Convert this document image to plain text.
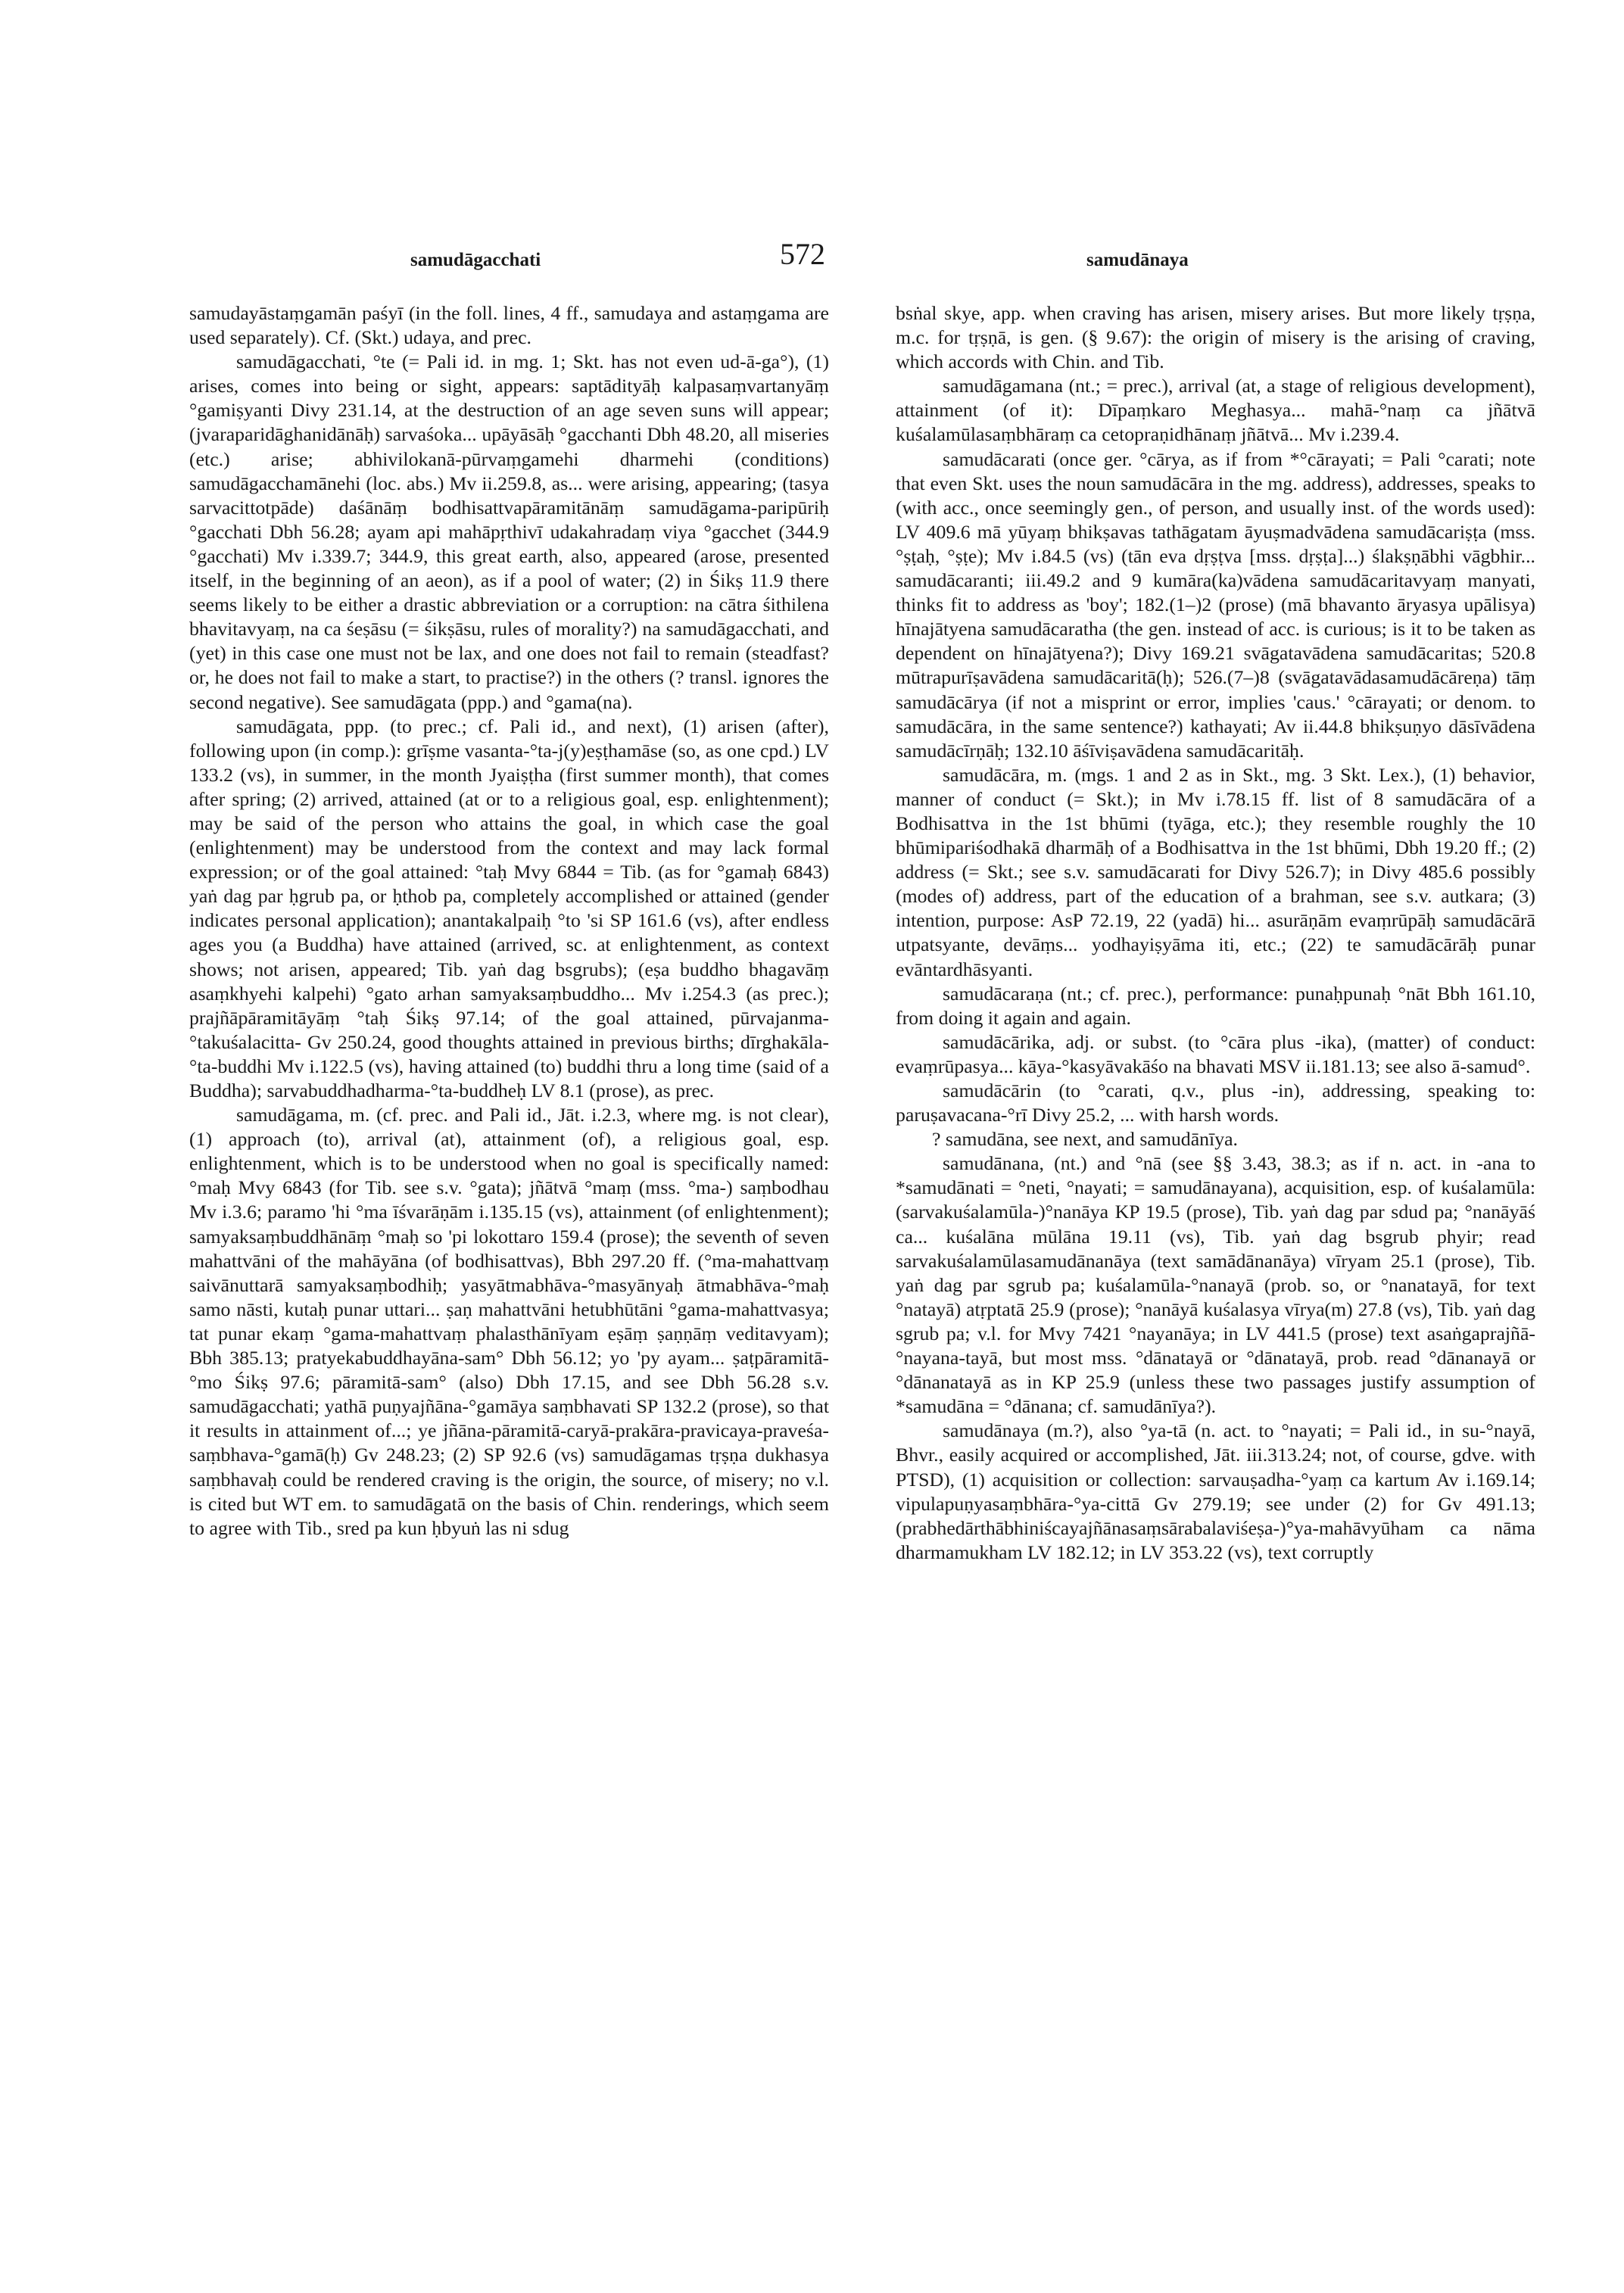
samudāgacchati	572	samudānaya

samudayāstaṃgamān paśyī (in the foll. lines, 4 ff., samudaya and astaṃgama are used separately). Cf. (Skt.) udaya, and prec.

samudāgacchati, °te (= Pali id. in mg. 1; Skt. has not even ud-ā-ga°), (1) arises, comes into being or sight, appears: saptādityāḥ kalpasaṃvartanyāṃ °gamiṣyanti Divy 231.14, at the destruction of an age seven suns will appear; (jvaraparidāghanidānāḥ) sarvaśoka... upāyāsāḥ °gacchanti Dbh 48.20, all miseries (etc.) arise; abhivilokanā-pūrvaṃgamehi dharmehi (conditions) samudāgacchamānehi (loc. abs.) Mv ii.259.8, as... were arising, appearing; (tasya sarvacittotpāde) daśānāṃ bodhisattvapāramitānāṃ samudāgama-paripūriḥ °gacchati Dbh 56.28; ayam api mahāpṛthivī udakahradaṃ viya °gacchet (344.9 °gacchati) Mv i.339.7; 344.9, this great earth, also, appeared (arose, presented itself, in the beginning of an aeon), as if a pool of water; (2) in Śikṣ 11.9 there seems likely to be either a drastic abbreviation or a corruption: na cātra śithilena bhavitavyaṃ, na ca śeṣāsu (= śikṣāsu, rules of morality?) na samudāgacchati, and (yet) in this case one must not be lax, and one does not fail to remain (steadfast? or, he does not fail to make a start, to practise?) in the others (? transl. ignores the second negative). See samudāgata (ppp.) and °gama(na).

samudāgata, ppp. (to prec.; cf. Pali id., and next), (1) arisen (after), following upon (in comp.): grīṣme vasanta-°ta-j(y)eṣṭhamāse (so, as one cpd.) LV 133.2 (vs), in summer, in the month Jyaiṣṭha (first summer month), that comes after spring; (2) arrived, attained (at or to a religious goal, esp. enlightenment); may be said of the person who attains the goal, in which case the goal (enlightenment) may be understood from the context and may lack formal expression; or of the goal attained: °taḥ Mvy 6844 = Tib. (as for °gamaḥ 6843) yaṅ dag par ḥgrub pa, or ḥthob pa, completely accomplished or attained (gender indicates personal application); anantakalpaiḥ °to 'si SP 161.6 (vs), after endless ages you (a Buddha) have attained (arrived, sc. at enlightenment, as context shows; not arisen, appeared; Tib. yaṅ dag bsgrubs); (eṣa buddho bhagavāṃ asaṃkhyehi kalpehi) °gato arhan samyaksaṃbuddho... Mv i.254.3 (as prec.); prajñāpāramitāyāṃ °taḥ Śikṣ 97.14; of the goal attained, pūrvajanma-°takuśalacitta- Gv 250.24, good thoughts attained in previous births; dīrghakāla-°ta-buddhi Mv i.122.5 (vs), having attained (to) buddhi thru a long time (said of a Buddha); sarvabuddhadharma-°ta-buddheḥ LV 8.1 (prose), as prec.

samudāgama, m. (cf. prec. and Pali id., Jāt. i.2.3, where mg. is not clear), (1) approach (to), arrival (at), attainment (of), a religious goal, esp. enlightenment, which is to be understood when no goal is specifically named: °maḥ Mvy 6843 (for Tib. see s.v. °gata); jñātvā °maṃ (mss. °ma-) saṃbodhau Mv i.3.6; paramo 'hi °ma īśvarāṇām i.135.15 (vs), attainment (of enlightenment); samyaksaṃbuddhānāṃ °maḥ so 'pi lokottaro 159.4 (prose); the seventh of seven mahattvāni of the mahāyāna (of bodhisattvas), Bbh 297.20 ff. (°ma-mahattvaṃ saivānuttarā samyaksaṃbodhiḥ; yasyātmabhāva-°masyānyaḥ ātmabhāva-°maḥ samo nāsti, kutaḥ punar uttari... ṣaṇ mahattvāni hetubhūtāni °gama-mahattvasya; tat punar ekaṃ °gama-mahattvaṃ phalasthānīyam eṣāṃ ṣaṇṇāṃ veditavyam); Bbh 385.13; pratyekabuddhayāna-sam° Dbh 56.12; yo 'py ayam... ṣaṭpāramitā-°mo Śikṣ 97.6; pāramitā-sam° (also) Dbh 17.15, and see Dbh 56.28 s.v. samudāgacchati; yathā puṇyajñāna-°gamāya saṃbhavati SP 132.2 (prose), so that it results in attainment of...; ye jñāna-pāramitā-caryā-prakāra-pravicaya-praveśa-saṃbhava-°gamā(ḥ) Gv 248.23; (2) SP 92.6 (vs) samudāgamas tṛṣṇa dukhasya saṃbhavaḥ could be rendered craving is the origin, the source, of misery; no v.l. is cited but WT em. to samudāgatā on the basis of Chin. renderings, which seem to agree with Tib., sred pa kun ḥbyuṅ las ni sdug

bsṅal skye, app. when craving has arisen, misery arises. But more likely tṛṣṇa, m.c. for tṛṣṇā, is gen. (§ 9.67): the origin of misery is the arising of craving, which accords with Chin. and Tib.

samudāgamana (nt.; = prec.), arrival (at, a stage of religious development), attainment (of it): Dīpaṃkaro Meghasya... mahā-°naṃ ca jñātvā kuśalamūlasaṃbhāraṃ ca cetopraṇidhānaṃ jñātvā... Mv i.239.4.

samudācarati (once ger. °cārya, as if from *°cārayati; = Pali °carati; note that even Skt. uses the noun samudācāra in the mg. address), addresses, speaks to (with acc., once seemingly gen., of person, and usually inst. of the words used): LV 409.6 mā yūyaṃ bhikṣavas tathāgatam āyuṣmadvādena samudācariṣṭa (mss. °ṣṭaḥ, °ṣṭe); Mv i.84.5 (vs) (tān eva dṛṣṭva [mss. dṛṣṭa]...) ślakṣṇābhi vāgbhir... samudācaranti; iii.49.2 and 9 kumāra(ka)vādena samudācaritavyaṃ manyati, thinks fit to address as 'boy'; 182.(1–)2 (prose) (mā bhavanto āryasya upālisya) hīnajātyena samudācaratha (the gen. instead of acc. is curious; is it to be taken as dependent on hīnajātyena?); Divy 169.21 svāgatavādena samudācaritas; 520.8 mūtrapurīṣavādena samudācaritā(ḥ); 526.(7–)8 (svāgatavādasamudācāreṇa) tāṃ samudācārya (if not a misprint or error, implies 'caus.' °cārayati; or denom. to samudācāra, in the same sentence?) kathayati; Av ii.44.8 bhikṣuṇyo dāsīvādena samudācīrṇāḥ; 132.10 āśīviṣavādena samudācaritāḥ.

samudācāra, m. (mgs. 1 and 2 as in Skt., mg. 3 Skt. Lex.), (1) behavior, manner of conduct (= Skt.); in Mv i.78.15 ff. list of 8 samudācāra of a Bodhisattva in the 1st bhūmi (tyāga, etc.); they resemble roughly the 10 bhūmipariśodhakā dharmāḥ of a Bodhisattva in the 1st bhūmi, Dbh 19.20 ff.; (2) address (= Skt.; see s.v. samudācarati for Divy 526.7); in Divy 485.6 possibly (modes of) address, part of the education of a brahman, see s.v. autkara; (3) intention, purpose: AsP 72.19, 22 (yadā) hi... asurāṇām evaṃrūpāḥ samudācārā utpatsyante, devāṃs... yodhayiṣyāma iti, etc.; (22) te samudācārāḥ punar evāntardhāsyanti.

samudācaraṇa (nt.; cf. prec.), performance: punaḥpunaḥ °nāt Bbh 161.10, from doing it again and again.

samudācārika, adj. or subst. (to °cāra plus -ika), (matter) of conduct: evaṃrūpasya... kāya-°kasyāvakāśo na bhavati MSV ii.181.13; see also ā-samud°.

samudācārin (to °carati, q.v., plus -in), addressing, speaking to: paruṣavacana-°rī Divy 25.2, ... with harsh words.

? samudāna, see next, and samudānīya.

samudānana, (nt.) and °nā (see §§ 3.43, 38.3; as if n. act. in -ana to *samudānati = °neti, °nayati; = samudānayana), acquisition, esp. of kuśalamūla: (sarvakuśalamūla-)°nanāya KP 19.5 (prose), Tib. yaṅ dag par sdud pa; °nanāyāś ca... kuśalāna mūlāna 19.11 (vs), Tib. yaṅ dag bsgrub phyir; read sarvakuśalamūlasamudānanāya (text samādānanāya) vīryam 25.1 (prose), Tib. yaṅ dag par sgrub pa; kuśalamūla-°nanayā (prob. so, or °nanatayā, for text °natayā) atṛptatā 25.9 (prose); °nanāyā kuśalasya vīrya(m) 27.8 (vs), Tib. yaṅ dag sgrub pa; v.l. for Mvy 7421 °nayanāya; in LV 441.5 (prose) text asaṅgaprajñā-°nayana-tayā, but most mss. °dānatayā or °dānatayā, prob. read °dānanayā or °dānanatayā as in KP 25.9 (unless these two passages justify assumption of *samudāna = °dānana; cf. samudānīya?).

samudānaya (m.?), also °ya-tā (n. act. to °nayati; = Pali id., in su-°nayā, Bhvr., easily acquired or accomplished, Jāt. iii.313.24; not, of course, gdve. with PTSD), (1) acquisition or collection: sarvauṣadha-°yaṃ ca kartum Av i.169.14; vipulapuṇyasaṃbhāra-°ya-cittā Gv 279.19; see under (2) for Gv 491.13; (prabhedārthābhiniścayajñānasaṃsārabalaviśeṣa-)°ya-mahāvyūham ca nāma dharmamukham LV 182.12; in LV 353.22 (vs), text corruptly
